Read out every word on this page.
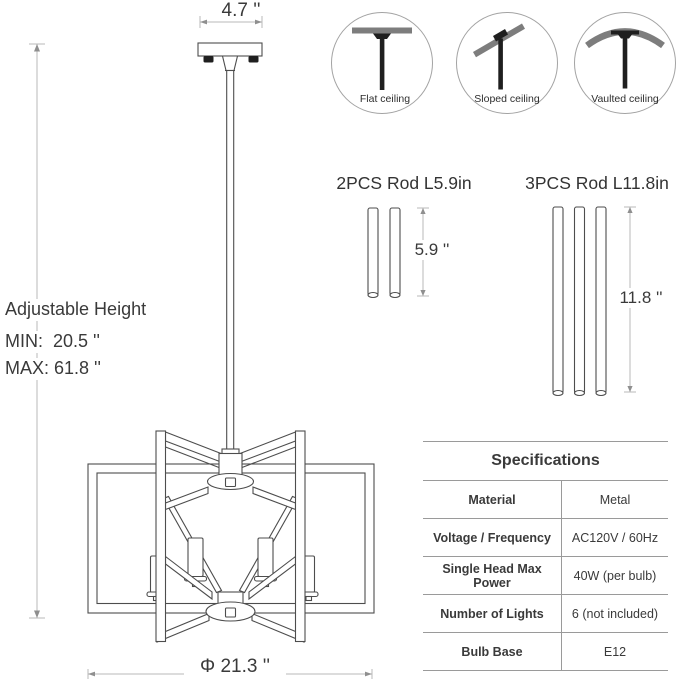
4.7 ''
Flat ceiling	Sloped ceiling	Vaulted ceiling
2PCS Rod L5.9in	3PCS Rod L11.8in
5.9 ''
11.8 ''
Adjustable Height
MIN:  20.5 ''
MAX: 61.8 ''
Φ 21.3 ''
Specifications
Material	Metal
Voltage / Frequency	AC120V / 60Hz
Single Head Max Power	40W (per bulb)
Number of Lights	6 (not included)
Bulb Base	E12
